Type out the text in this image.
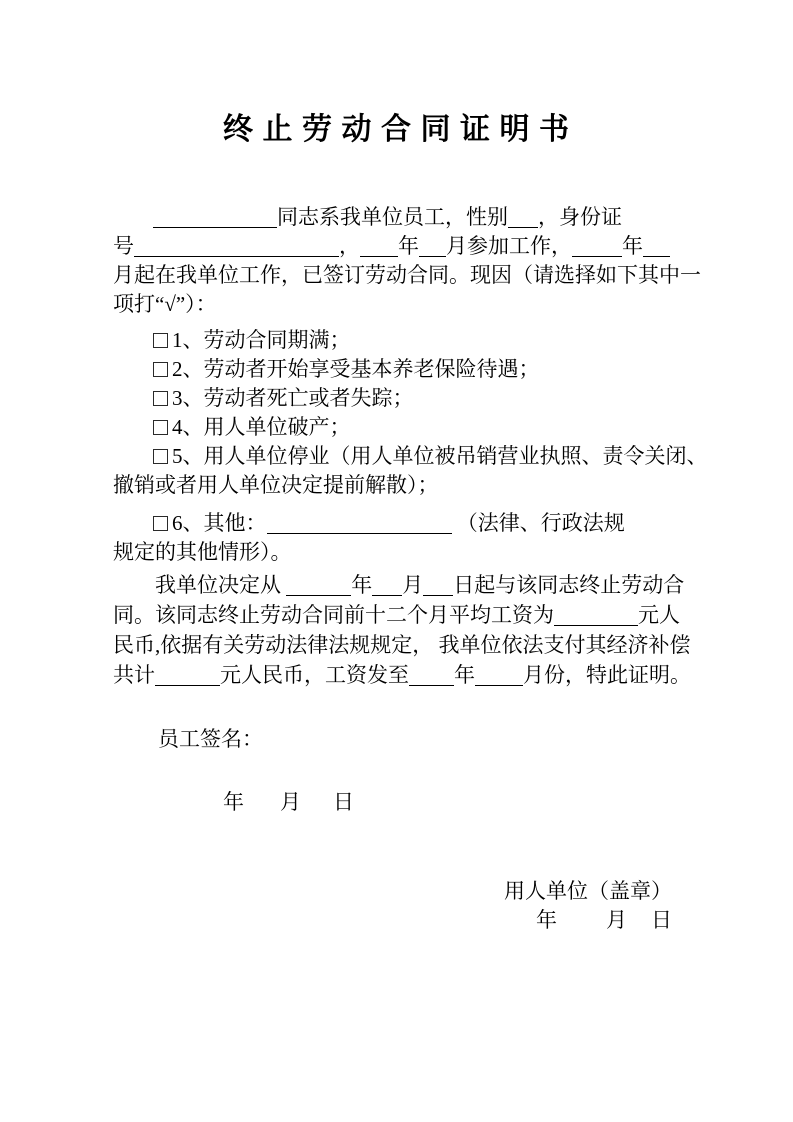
终 止 劳 动 合 同 证 明 书
同志系我单位员工，性别 ，身份证
号	， 年 月参加工作， 年
月起在我单位工作，已签订劳动合同。现因（请选择如下其中一
项打“√”）：
1、劳动合同期满；
2、劳动者开始享受基本养老保险待遇；
3、劳动者死亡或者失踪；
4、用人单位破产；
5、用人单位停业（用人单位被吊销营业执照、责令关闭、
撤销或者用人单位决定提前解散）；
6、其他：	（法律、行政法规
规定的其他情形）。
我单位决定从	年 月 日起与该同志终止劳动合
同。该同志终止劳动合同前十二个月平均工资为	元人
民币,依据有关劳动法律法规规定， 我单位依法支付其经济补偿
共计	元人民币，工资发至 年 月份，特此证明。
员工签名：
年 月 日
用人单位（盖章）
年 月 日
